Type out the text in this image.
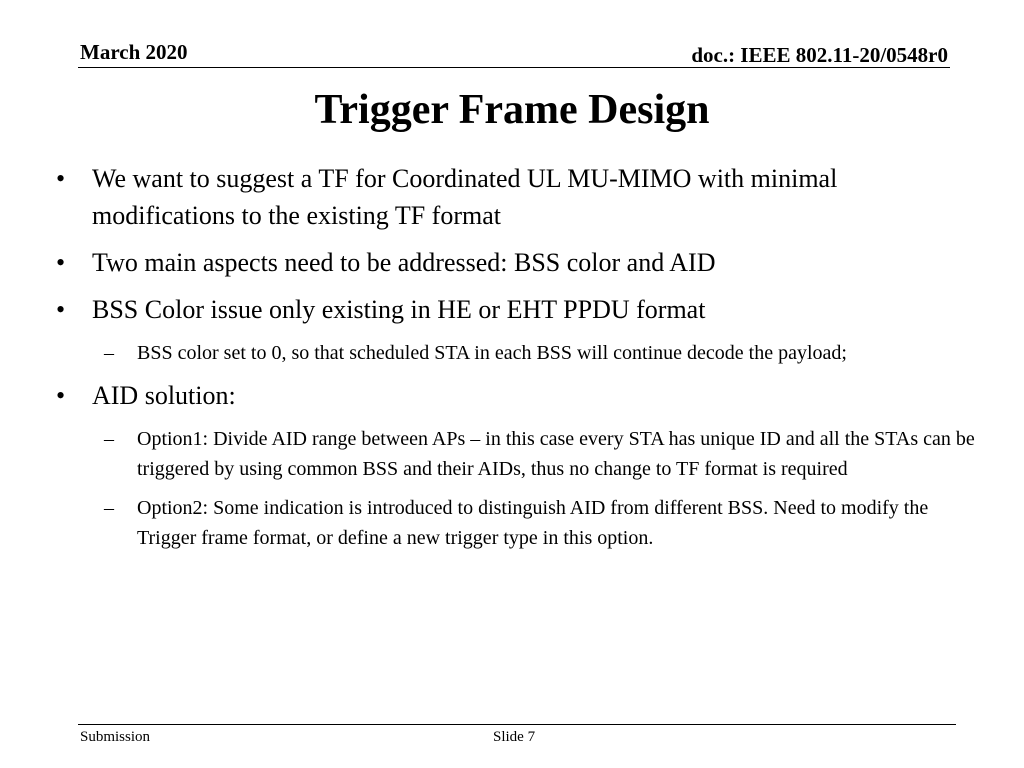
March 2020	doc.: IEEE 802.11-20/0548r0
Trigger Frame Design
• We want to suggest a TF for Coordinated UL MU-MIMO with minimal modifications to the existing TF format
• Two main aspects need to be addressed: BSS color and AID
• BSS Color issue only existing in HE or EHT PPDU format
– BSS color set to 0, so that scheduled STA in each BSS will continue decode the payload;
• AID solution:
– Option1: Divide AID range between APs – in this case every STA has unique ID and all the STAs can be triggered by using common BSS and their AIDs, thus no change to TF format is required
– Option2: Some indication is introduced to distinguish AID from different BSS. Need to modify the Trigger frame format, or define a new trigger type in this option.
Submission	Slide 7
